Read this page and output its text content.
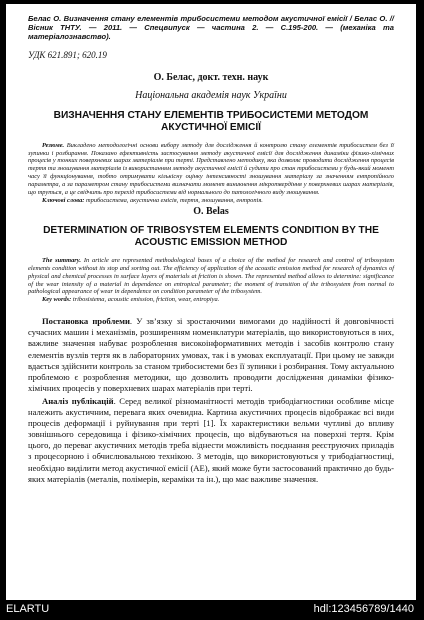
Белас О. Визначення стану елементів трибосистеми методом акустичної емісії / Белас О. // Вісник ТНТУ. — 2011. — Спецвипуск — частина 2. — С.195-200. — (механіка та матеріалознавство).

УДК 621.891; 620.19

О. Белас, докт. техн. наук

Національна академія наук України

ВИЗНАЧЕННЯ СТАНУ ЕЛЕМЕНТІВ ТРИБОСИСТЕМИ МЕТОДОМ АКУСТИЧНОЇ ЕМІСІЇ

Резюме. Викладено методологічні основи вибору методу для дослідження й контролю стану елементів трибосистем без її зупинки і розбирання. Показано ефективність застосування методу акустичної емісії для дослідження динаміки фізико-хімічних процесів у тонких поверхневих шарах матеріалів при терті. Представлено методику, яка дозволяє проводити дослідження процесів тертя та зношування матеріалів із використанням методу акустичної емісії й судити про стан трибосистеми у будь-який момент часу її функціонування, тобто отримувати кількісну оцінку інтенсивності зношування матеріалу за значенням ентропійного параметра, а за параметром стану трибосистеми визначати момент виникнення мікротвердіння у поверхневих шарах матеріалів, що труться, а це свідчить про перехід трибосистеми від нормального до патологічного виду зношування.

Ключові слова: трибосистема, акустична емісія, тертя, зношування, ентропія.

O. Belas

DETERMINATION OF TRIBOSYSTEM ELEMENTS CONDITION BY THE ACOUSTIC EMISSION METHOD

The summary. In article are represented methodological bases of a choice of the method for research and control of tribosystem elements condition without its stop and sorting out. The efficiency of application of the acoustic emission method for research of dynamics of physical and chemical processes in surface layers of materials at friction is shown. The represented method allows to determine: significance of the wear intensity of a material in dependence on entropical parameter; the moment of transition of the tribosystem from normal to pathological appearance of wear in dependence on condition parameter of the tribosystem.

Key words: tribosistema, acoustic emission, friction, wear, entropiya.

Постановка проблеми. У зв’язку зі зростаючими вимогами до надійності й довговічності сучасних машин і механізмів, розширенням номенклатури матеріалів, що використовуються в них, важливе значення набуває розроблення високоінформативних методів і засобів контролю стану елементів вузлів тертя як в лабораторних умовах, так і в умовах експлуатації. При цьому не завжди вдається здійснити контроль за станом трибосистеми без її зупинки і розбирання. Тому актуальною проблемою є розроблення методики, що дозволить проводити дослідження динаміки фізико-хімічних процесів у поверхневих шарах матеріалів при терті.

Аналіз публікацій. Серед великої різноманітності методів трибодіагностики особливе місце належить акустичним, перевага яких очевидна. Картина акустичних процесів відображає всі види процесів деформації і руйнування при терті [1]. Їх характеристики вельми чутливі до впливу зовнішнього середовища і фізико-хімічних процесів, що відбуваються на поверхні тертя. Крім цього, до переваг акустичних методів треба віднести можливість поєднання реєструючих приладів з процесорною і обчислювальною технікою. З методів, що використовуються у трибодіагностиці, необхідно виділити метод акустичної емісії (АЕ), який може бути застосований практично до будь-яких матеріалів (металів, полімерів, кераміки та ін.), що має важливе значення.

ELARTU	hdl:123456789/1440
